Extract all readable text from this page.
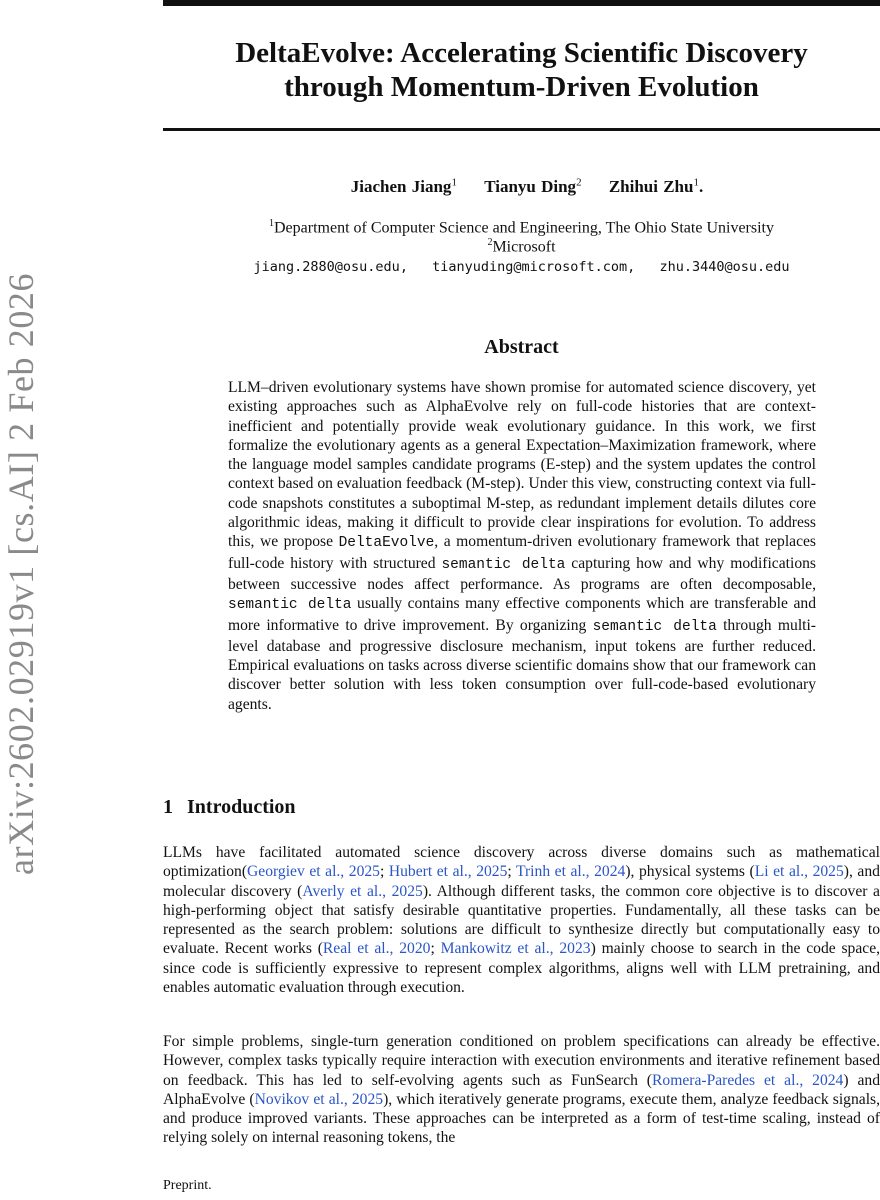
arXiv:2602.02919v1 [cs.AI] 2 Feb 2026
DeltaEvolve: Accelerating Scientific Discovery
through Momentum-Driven Evolution
Jiachen Jiang$^1$ Tianyu Ding$^2$ Zhihui Zhu$^1$.
$^1$Department of Computer Science and Engineering, The Ohio State University
$^2$Microsoft
jiang.2880@osu.edu, tianyuding@microsoft.com, zhu.3440@osu.edu
Abstract
LLM–driven evolutionary systems have shown promise for automated science discovery, yet existing approaches such as AlphaEvolve rely on full-code histories that are context-inefficient and potentially provide weak evolutionary guidance. In this work, we first formalize the evolutionary agents as a general Expectation–Maximization framework, where the language model samples candidate programs (E-step) and the system updates the control context based on evaluation feedback (M-step). Under this view, constructing context via full-code snapshots constitutes a suboptimal M-step, as redundant implement details dilutes core algorithmic ideas, making it difficult to provide clear inspirations for evolution. To address this, we propose DeltaEvolve, a momentum-driven evolutionary framework that replaces full-code history with structured semantic delta capturing how and why modifications between successive nodes affect performance. As programs are often decomposable, semantic delta usually contains many effective components which are transferable and more informative to drive improvement. By organizing semantic delta through multi-level database and progressive disclosure mechanism, input tokens are further reduced. Empirical evaluations on tasks across diverse scientific domains show that our framework can discover better solution with less token consumption over full-code-based evolutionary agents.
1 Introduction
LLMs have facilitated automated science discovery across diverse domains such as mathematical optimization(Georgiev et al., 2025; Hubert et al., 2025; Trinh et al., 2024), physical systems (Li et al., 2025), and molecular discovery (Averly et al., 2025). Although different tasks, the common core objective is to discover a high-performing object that satisfy desirable quantitative properties. Fundamentally, all these tasks can be represented as the search problem: solutions are difficult to synthesize directly but computationally easy to evaluate. Recent works (Real et al., 2020; Mankowitz et al., 2023) mainly choose to search in the code space, since code is sufficiently expressive to represent complex algorithms, aligns well with LLM pretraining, and enables automatic evaluation through execution.
For simple problems, single-turn generation conditioned on problem specifications can already be effective. However, complex tasks typically require interaction with execution environments and iterative refinement based on feedback. This has led to self-evolving agents such as FunSearch (Romera-Paredes et al., 2024) and AlphaEvolve (Novikov et al., 2025), which iteratively generate programs, execute them, analyze feedback signals, and produce improved variants. These approaches can be interpreted as a form of test-time scaling, instead of relying solely on internal reasoning tokens, the
Preprint.
